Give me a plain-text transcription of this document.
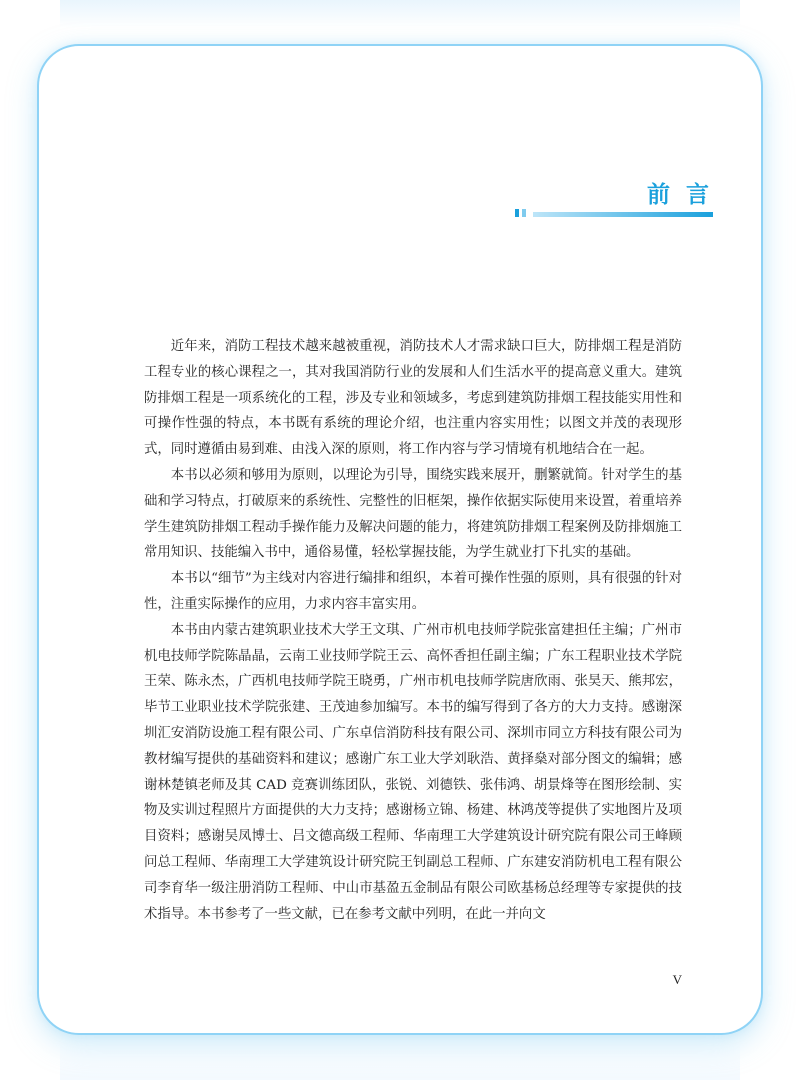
前言

近年来，消防工程技术越来越被重视，消防技术人才需求缺口巨大，防排烟工程是消防工程专业的核心课程之一，其对我国消防行业的发展和人们生活水平的提高意义重大。建筑防排烟工程是一项系统化的工程，涉及专业和领域多，考虑到建筑防排烟工程技能实用性和可操作性强的特点，本书既有系统的理论介绍，也注重内容实用性；以图文并茂的表现形式，同时遵循由易到难、由浅入深的原则，将工作内容与学习情境有机地结合在一起。

本书以必须和够用为原则，以理论为引导，围绕实践来展开，删繁就简。针对学生的基础和学习特点，打破原来的系统性、完整性的旧框架，操作依据实际使用来设置，着重培养学生建筑防排烟工程动手操作能力及解决问题的能力，将建筑防排烟工程案例及防排烟施工常用知识、技能编入书中，通俗易懂，轻松掌握技能，为学生就业打下扎实的基础。

本书以“细节”为主线对内容进行编排和组织，本着可操作性强的原则，具有很强的针对性，注重实际操作的应用，力求内容丰富实用。

本书由内蒙古建筑职业技术大学王文琪、广州市机电技师学院张富建担任主编；广州市机电技师学院陈晶晶，云南工业技师学院王云、高怀香担任副主编；广东工程职业技术学院王荣、陈永杰，广西机电技师学院王晓勇，广州市机电技师学院唐欣雨、张昊天、熊邦宏，毕节工业职业技术学院张建、王茂迪参加编写。本书的编写得到了各方的大力支持。感谢深圳汇安消防设施工程有限公司、广东卓信消防科技有限公司、深圳市同立方科技有限公司为教材编写提供的基础资料和建议；感谢广东工业大学刘耿浩、黄择燊对部分图文的编辑；感谢林楚镇老师及其 CAD 竞赛训练团队，张锐、刘德铁、张伟鸿、胡景烽等在图形绘制、实物及实训过程照片方面提供的大力支持；感谢杨立锦、杨建、林鸿茂等提供了实地图片及项目资料；感谢吴凤博士、吕文德高级工程师、华南理工大学建筑设计研究院有限公司王峰顾问总工程师、华南理工大学建筑设计研究院王钊副总工程师、广东建安消防机电工程有限公司李育华一级注册消防工程师、中山市基盈五金制品有限公司欧基杨总经理等专家提供的技术指导。本书参考了一些文献，已在参考文献中列明，在此一并向文

V
